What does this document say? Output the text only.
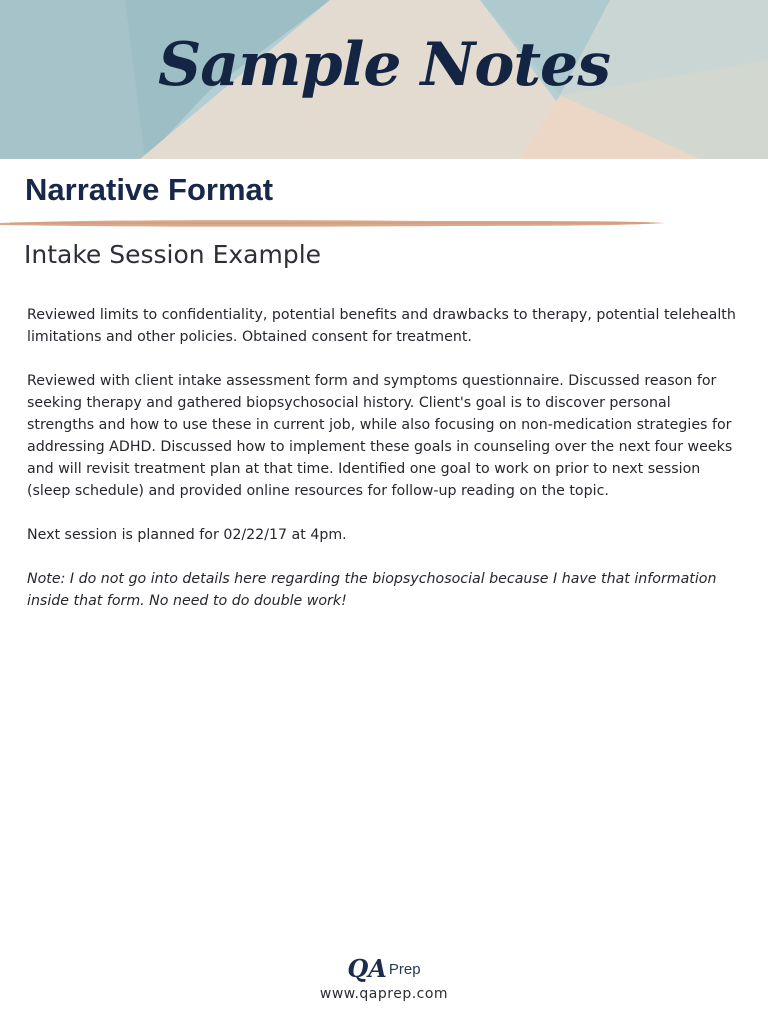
Sample Notes
Narrative Format
Intake Session Example

Reviewed limits to confidentiality, potential benefits and drawbacks to therapy, potential telehealth limitations and other policies. Obtained consent for treatment.

Reviewed with client intake assessment form and symptoms questionnaire. Discussed reason for seeking therapy and gathered biopsychosocial history. Client's goal is to discover personal strengths and how to use these in current job, while also focusing on non-medication strategies for addressing ADHD. Discussed how to implement these goals in counseling over the next four weeks and will revisit treatment plan at that time. Identified one goal to work on prior to next session (sleep schedule) and provided online resources for follow-up reading on the topic.

Next session is planned for 02/22/17 at 4pm.

Note: I do not go into details here regarding the biopsychosocial because I have that information inside that form. No need to do double work!

QA Prep
www.qaprep.com
